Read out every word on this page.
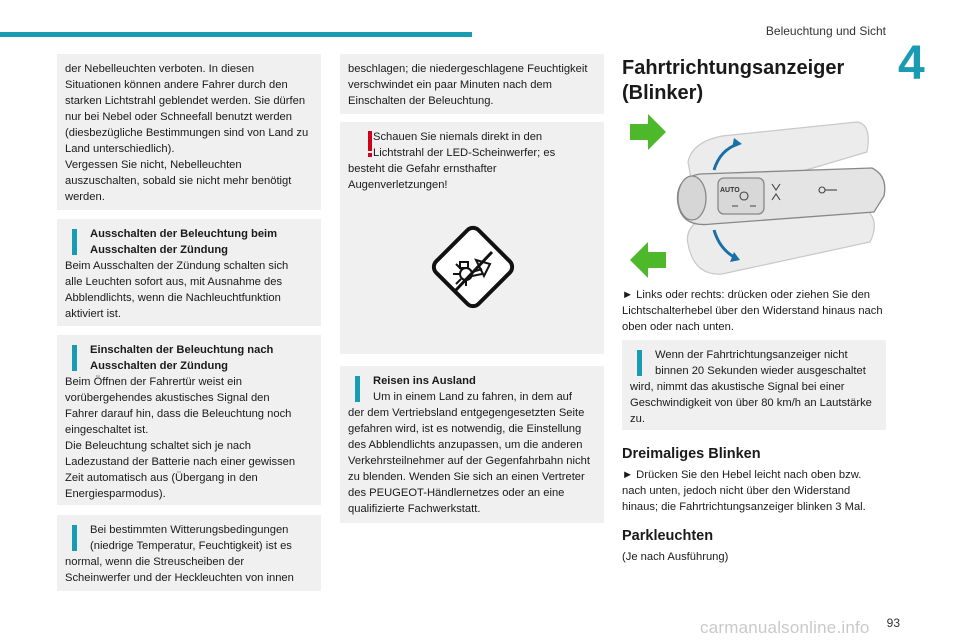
Beleuchtung und Sicht
4

der Nebelleuchten verboten. In diesen

Situationen können andere Fahrer durch den

starken Lichtstrahl geblendet werden. Sie dürfen

nur bei Nebel oder Schneefall benutzt werden

(diesbezügliche Bestimmungen sind von Land zu

Land unterschiedlich).

Vergessen Sie nicht, Nebelleuchten

auszuschalten, sobald sie nicht mehr benötigt

werden.

Ausschalten der Beleuchtung beim

Ausschalten der Zündung

Beim Ausschalten der Zündung schalten sich

alle Leuchten sofort aus, mit Ausnahme des

Abblendlichts, wenn die Nachleuchtfunktion

aktiviert ist.

Einschalten der Beleuchtung nach

Ausschalten der Zündung

Beim Öffnen der Fahrertür weist ein

vorübergehendes akustisches Signal den

Fahrer darauf hin, dass die Beleuchtung noch

eingeschaltet ist.

Die Beleuchtung schaltet sich je nach

Ladezustand der Batterie nach einer gewissen

Zeit automatisch aus (Übergang in den

Energiesparmodus).

Bei bestimmten Witterungsbedingungen

(niedrige Temperatur, Feuchtigkeit) ist es

normal, wenn die Streuscheiben der

Scheinwerfer und der Heckleuchten von innen

beschlagen; die niedergeschlagene Feuchtigkeit

verschwindet ein paar Minuten nach dem

Einschalten der Beleuchtung.

Schauen Sie niemals direkt in den

Lichtstrahl der LED-Scheinwerfer; es

besteht die Gefahr ernsthafter

Augenverletzungen!

Reisen ins Ausland

Um in einem Land zu fahren, in dem auf

der dem Vertriebsland entgegengesetzten Seite

gefahren wird, ist es notwendig, die Einstellung

des Abblendlichts anzupassen, um die anderen

Verkehrsteilnehmer auf der Gegenfahrbahn nicht

zu blenden. Wenden Sie sich an einen Vertreter

des PEUGEOT-Händlernetzes oder an eine

qualifizierte Fachwerkstatt.

Fahrtrichtungsanzeiger
(Blinker)
AUTO
► Links oder rechts: drücken oder ziehen Sie den
Lichtschalterhebel über den Widerstand hinaus nach
oben oder nach unten.

Wenn der Fahrtrichtungsanzeiger nicht

binnen 20 Sekunden wieder ausgeschaltet

wird, nimmt das akustische Signal bei einer

Geschwindigkeit von über 80 km/h an Lautstärke

zu.

Dreimaliges Blinken
► Drücken Sie den Hebel leicht nach oben bzw.
nach unten, jedoch nicht über den Widerstand
hinaus; die Fahrtrichtungsanzeiger blinken 3 Mal.
Parkleuchten
(Je nach Ausführung)
carmanualsonline.info 93
